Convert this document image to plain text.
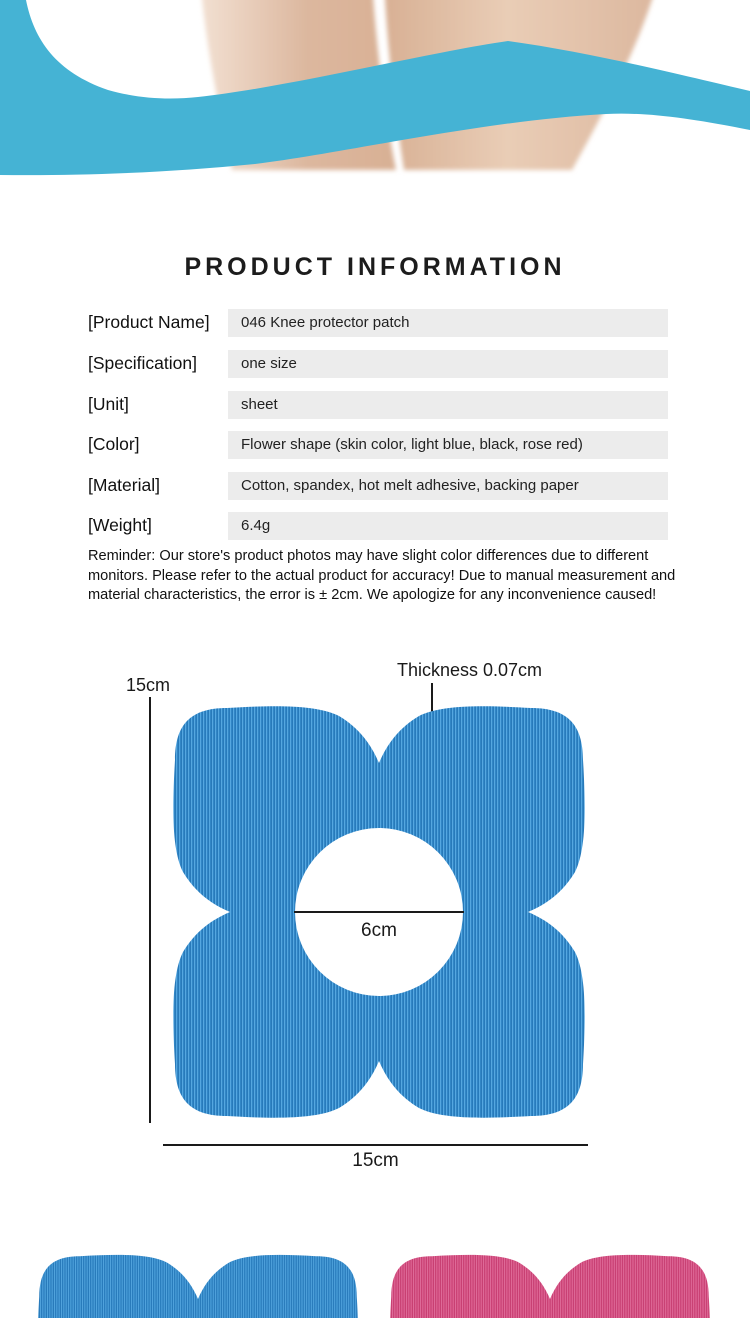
PRODUCT INFORMATION
[Product Name]	046 Knee protector patch
[Specification]	one size
[Unit]	sheet
[Color]	Flower shape (skin color, light blue, black, rose red)
[Material]	Cotton, spandex, hot melt adhesive, backing paper
[Weight]	6.4g
Reminder: Our store's product photos may have slight color differences due to different monitors. Please refer to the actual product for accuracy! Due to manual measurement and material characteristics, the error is ± 2cm. We apologize for any inconvenience caused!
15cm
Thickness 0.07cm
6cm
15cm
